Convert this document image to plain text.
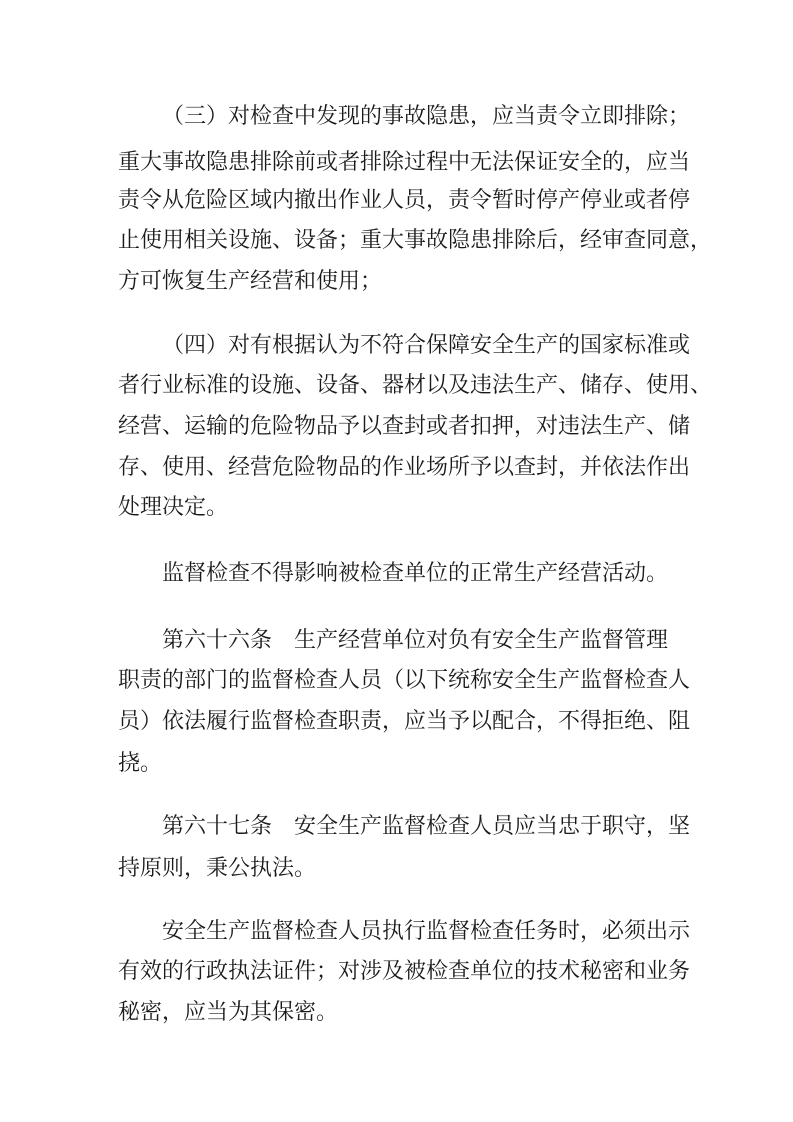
（三）对检查中发现的事故隐患，应当责令立即排除；

重大事故隐患排除前或者排除过程中无法保证安全的，应当

责令从危险区域内撤出作业人员，责令暂时停产停业或者停

止使用相关设施、设备；重大事故隐患排除后，经审查同意，

方可恢复生产经营和使用；

（四）对有根据认为不符合保障安全生产的国家标准或

者行业标准的设施、设备、器材以及违法生产、储存、使用、

经营、运输的危险物品予以查封或者扣押，对违法生产、储

存、使用、经营危险物品的作业场所予以查封，并依法作出

处理决定。

监督检查不得影响被检查单位的正常生产经营活动。

第六十六条 生产经营单位对负有安全生产监督管理

职责的部门的监督检查人员（以下统称安全生产监督检查人

员）依法履行监督检查职责，应当予以配合，不得拒绝、阻

挠。

第六十七条 安全生产监督检查人员应当忠于职守，坚

持原则，秉公执法。

安全生产监督检查人员执行监督检查任务时，必须出示

有效的行政执法证件；对涉及被检查单位的技术秘密和业务

秘密，应当为其保密。
